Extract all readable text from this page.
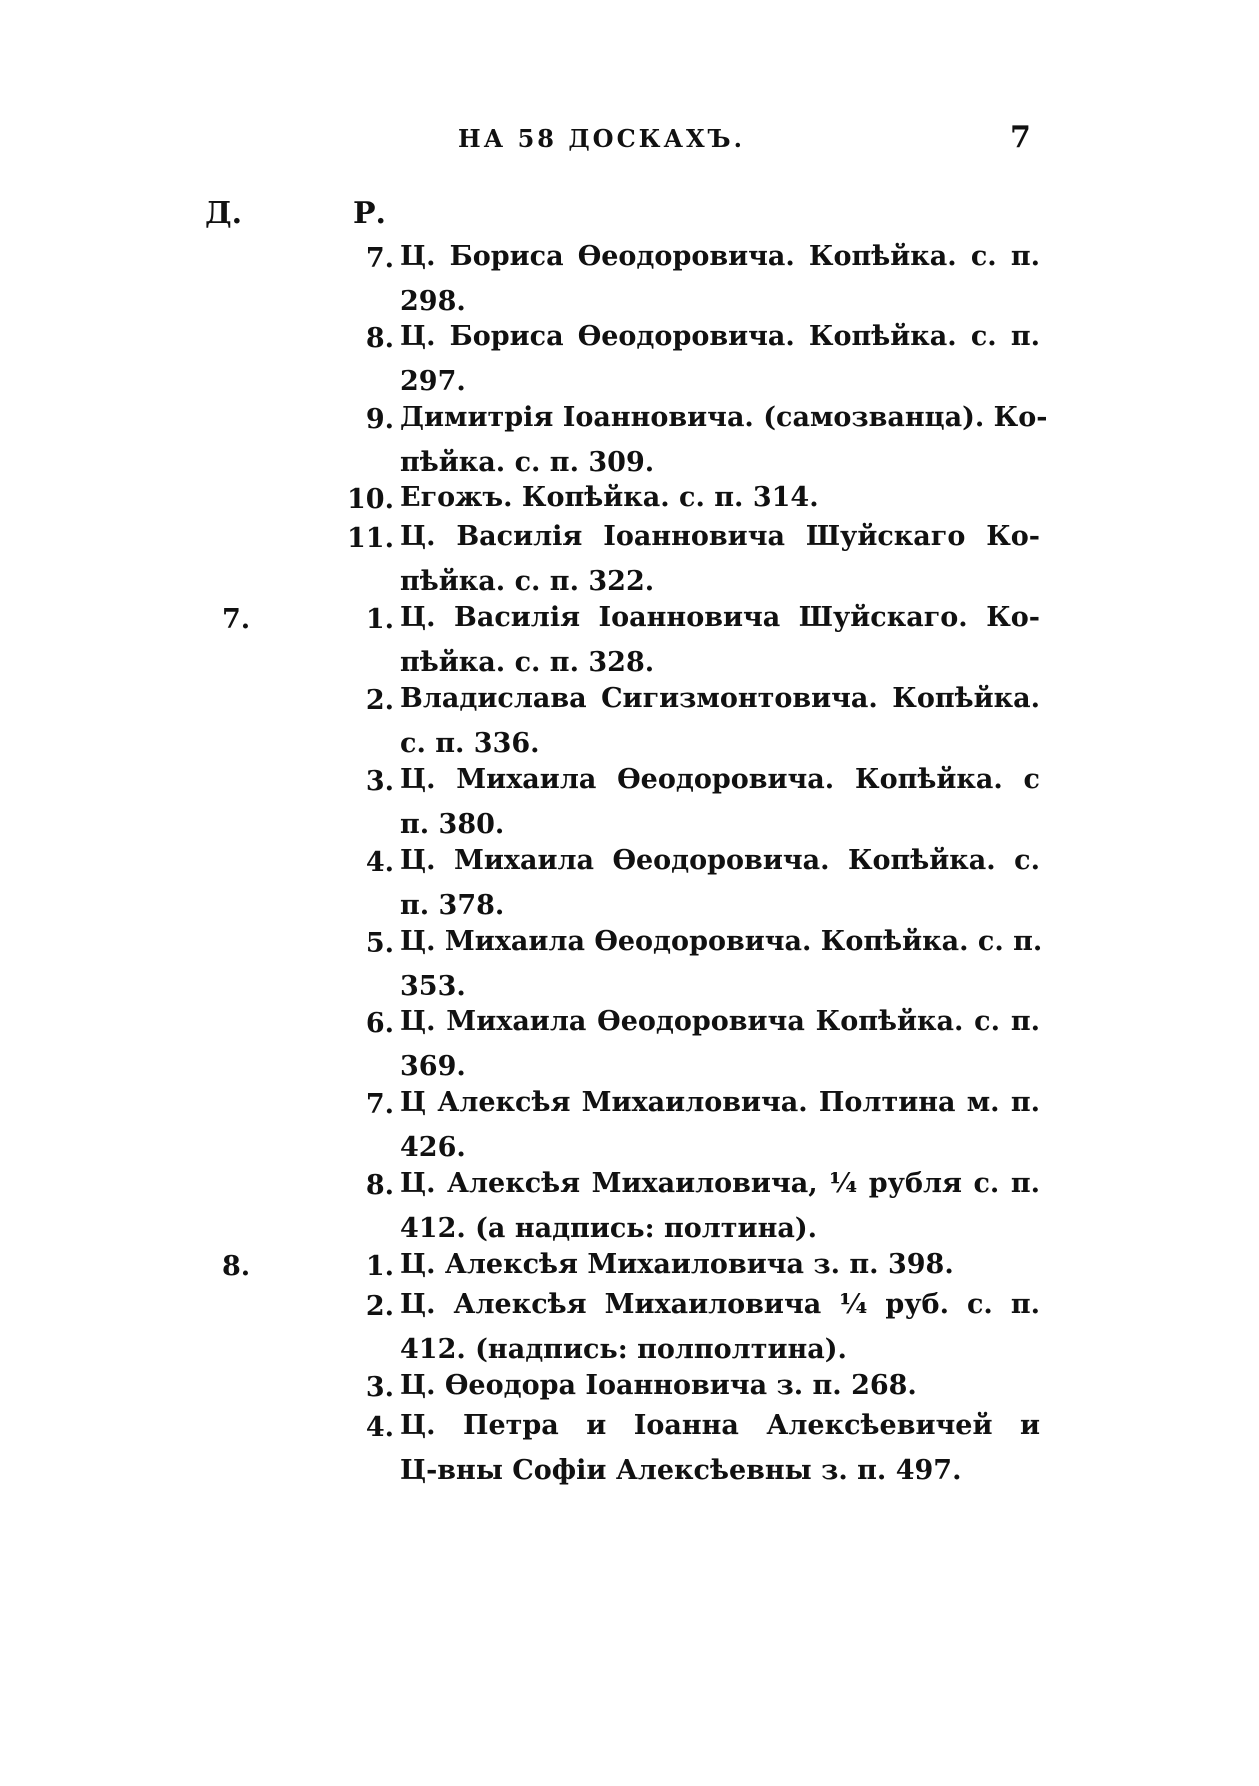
НА 58 ДОСКАХЪ.	7
Д.	Р.
7. Ц. Бориса Өеодоровича. Копѣйка. с. п.
298.
8. Ц. Бориса Өеодоровича. Копѣйка. с. п.
297.
9. Димитрія Іоанновича. (самозванца). Ко-
пѣйка. с. п. 309.
10. Егожъ. Копѣйка. с. п. 314.
11. Ц. Василія Іоанновича Шуйскаго Ко-
пѣйка. с. п. 322.
7.	1. Ц. Василія Іоанновича Шуйскаго. Ко-
пѣйка. с. п. 328.
2. Владислава Сигизмонтовича. Копѣйка.
с. п. 336.
3. Ц. Михаила Өеодоровича. Копѣйка. с
п. 380.
4. Ц. Михаила Өеодоровича. Копѣйка. с.
п. 378.
5. Ц. Михаила Өеодоровича. Копѣйка. с. п.
353.
6. Ц. Михаила Өеодоровича Копѣйка. с. п.
369.
7. Ц Алексѣя Михаиловича. Полтина м. п.
426.
8. Ц. Алексѣя Михаиловича, ¼ рубля с. п.
412. (а надпись: полтина).
8.	1. Ц. Алексѣя Михаиловича з. п. 398.
2. Ц. Алексѣя Михаиловича ¼ руб. с. п.
412. (надпись: полполтина).
3. Ц. Өеодора Іоанновича з. п. 268.
4. Ц. Петра и Іоанна Алексѣевичей и
Ц-вны Софіи Алексѣевны з. п. 497.
